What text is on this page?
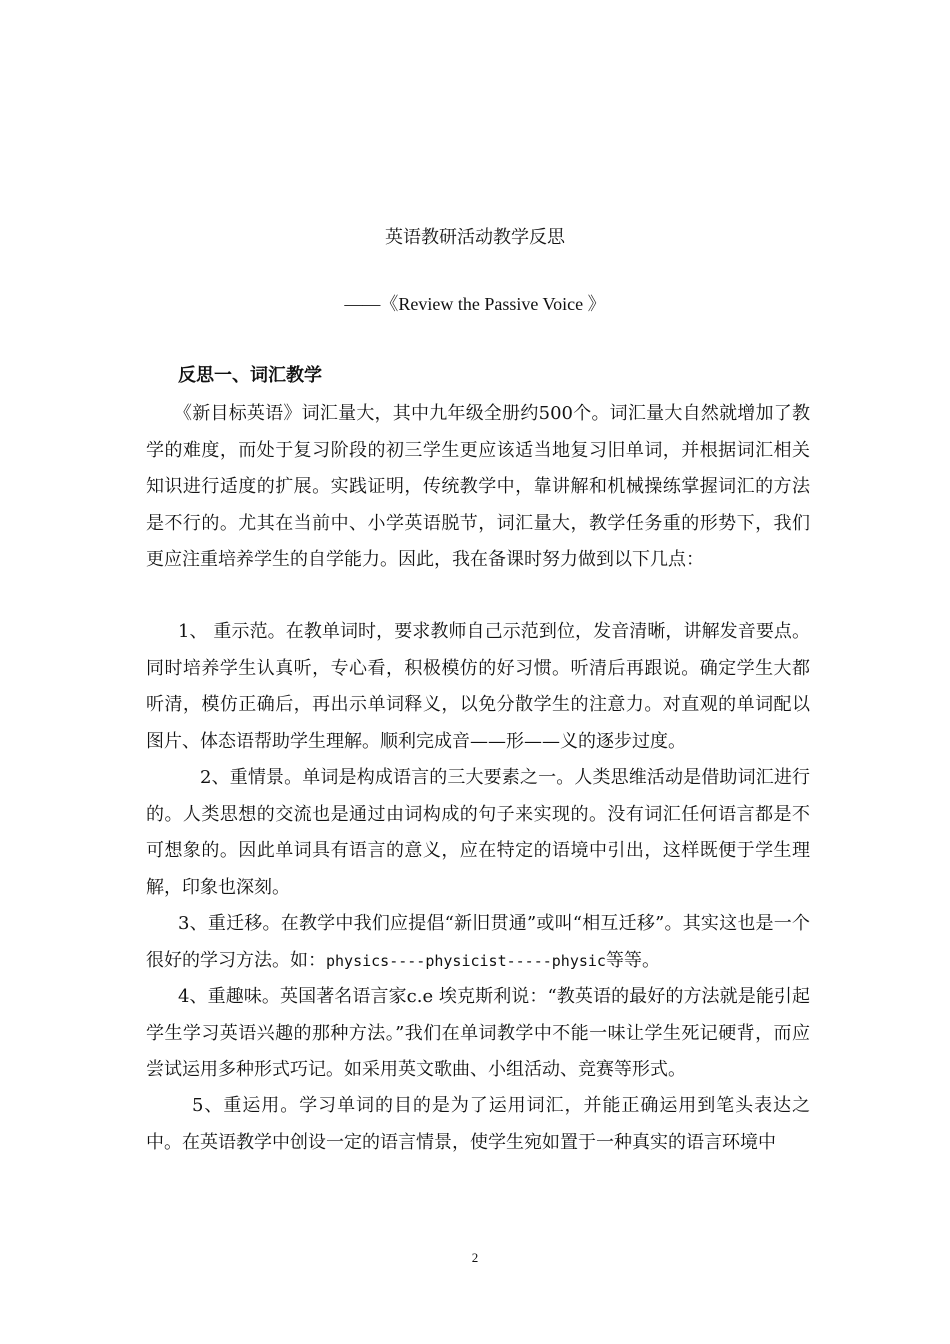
英语教研活动教学反思
——《Review the Passive Voice 》
反思一、词汇教学
《新目标英语》词汇量大，其中九年级全册约500个。词汇量大自然就增加了教学的难度，而处于复习阶段的初三学生更应该适当地复习旧单词，并根据词汇相关知识进行适度的扩展。实践证明，传统教学中，靠讲解和机械操练掌握词汇的方法是不行的。尤其在当前中、小学英语脱节，词汇量大，教学任务重的形势下，我们更应注重培养学生的自学能力。因此，我在备课时努力做到以下几点：
1、 重示范。在教单词时，要求教师自己示范到位，发音清晰，讲解发音要点。同时培养学生认真听，专心看，积极模仿的好习惯。听清后再跟说。确定学生大都听清，模仿正确后，再出示单词释义，以免分散学生的注意力。对直观的单词配以图片、体态语帮助学生理解。顺利完成音——形——义的逐步过度。
2、重情景。单词是构成语言的三大要素之一。人类思维活动是借助词汇进行的。人类思想的交流也是通过由词构成的句子来实现的。没有词汇任何语言都是不可想象的。因此单词具有语言的意义，应在特定的语境中引出，这样既便于学生理解，印象也深刻。
3、重迁移。在教学中我们应提倡“新旧贯通”或叫“相互迁移”。其实这也是一个很好的学习方法。如：physics----physicist-----physic等等。
4、重趣味。英国著名语言家c.e 埃克斯利说：“教英语的最好的方法就是能引起学生学习英语兴趣的那种方法。”我们在单词教学中不能一味让学生死记硬背，而应尝试运用多种形式巧记。如采用英文歌曲、小组活动、竞赛等形式。
5、重运用。学习单词的目的是为了运用词汇，并能正确运用到笔头表达之中。在英语教学中创设一定的语言情景，使学生宛如置于一种真实的语言环境中
2
